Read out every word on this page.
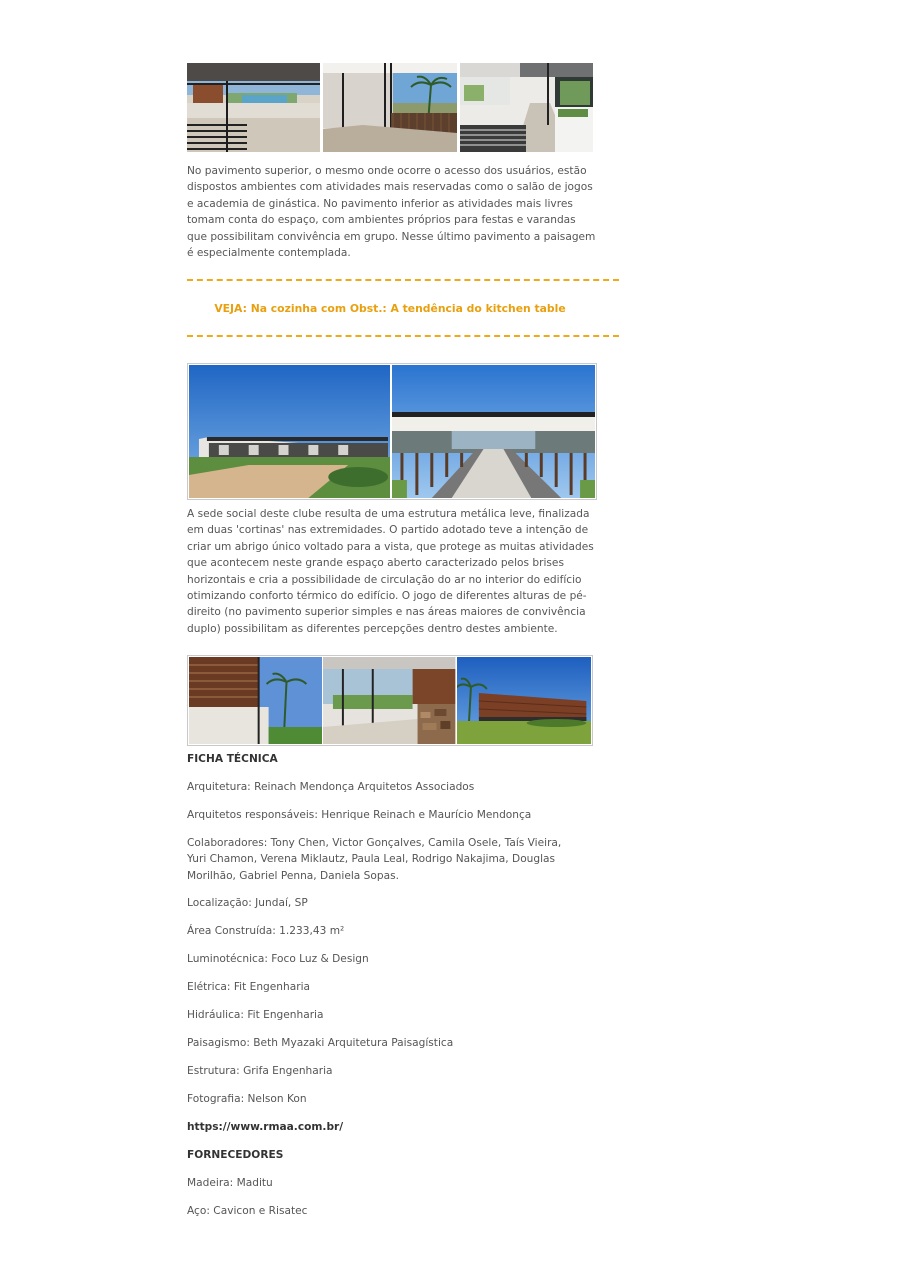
No pavimento superior, o mesmo onde ocorre o acesso dos usuários, estão dispostos ambientes com atividades mais reservadas como o salão de jogos e academia de ginástica. No pavimento inferior as atividades mais livres tomam conta do espaço, com ambientes próprios para festas e varandas que possibilitam convivência em grupo. Nesse último pavimento a paisagem é especialmente contemplada.

VEJA: Na cozinha com Obst.: A tendência do kitchen table

A sede social deste clube resulta de uma estrutura metálica leve, finalizada em duas 'cortinas' nas extremidades. O partido adotado teve a intenção de criar um abrigo único voltado para a vista, que protege as muitas atividades que acontecem neste grande espaço aberto caracterizado pelos brises horizontais e cria a possibilidade de circulação do ar no interior do edifício otimizando conforto térmico do edifício. O jogo de diferentes alturas de pé-direito (no pavimento superior simples e nas áreas maiores de convivência duplo) possibilitam as diferentes percepções dentro destes ambiente.

FICHA TÉCNICA
Arquitetura: Reinach Mendonça Arquitetos Associados
Arquitetos responsáveis: Henrique Reinach e Maurício Mendonça
Colaboradores: Tony Chen, Victor Gonçalves, Camila Osele, Taís Vieira, Yuri Chamon, Verena Miklautz, Paula Leal, Rodrigo Nakajima, Douglas Morilhão, Gabriel Penna, Daniela Sopas.
Localização: Jundaí, SP
Área Construída: 1.233,43 m²
Luminotécnica: Foco Luz & Design
Elétrica: Fit Engenharia
Hidráulica: Fit Engenharia
Paisagismo: Beth Myazaki Arquitetura Paisagística
Estrutura: Grifa Engenharia
Fotografia: Nelson Kon
https://www.rmaa.com.br/
FORNECEDORES
Madeira: Maditu
Aço: Cavicon e Risatec
